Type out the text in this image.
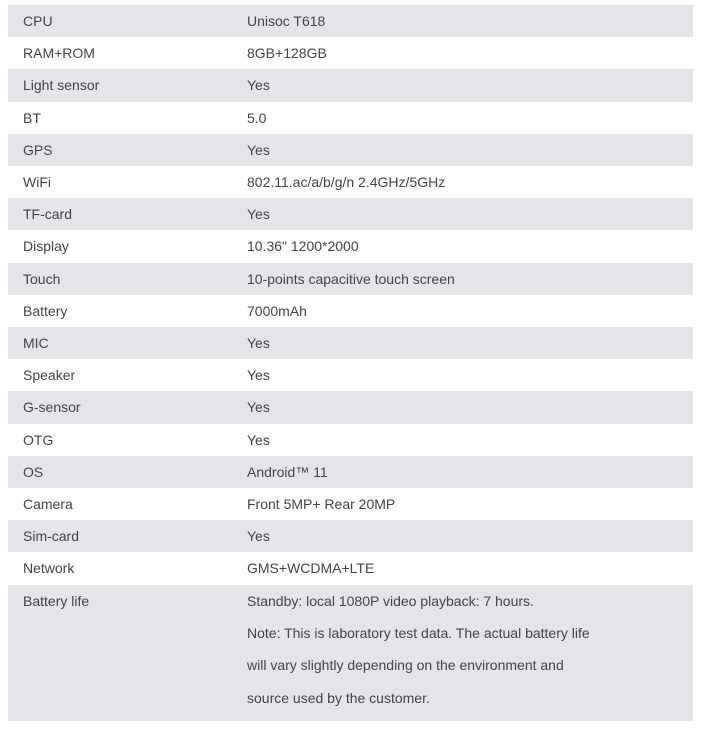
CPU	Unisoc T618
RAM+ROM	8GB+128GB
Light sensor	Yes
BT	5.0
GPS	Yes
WiFi	802.11.ac/a/b/g/n 2.4GHz/5GHz
TF-card	Yes
Display	10.36" 1200*2000
Touch	10-points capacitive touch screen
Battery	7000mAh
MIC	Yes
Speaker	Yes
G-sensor	Yes
OTG	Yes
OS	Android™ 11
Camera	Front 5MP+ Rear 20MP
Sim-card	Yes
Network	GMS+WCDMA+LTE

Battery life	Standby: local 1080P video playback: 7 hours.
Note: This is laboratory test data. The actual battery life
will vary slightly depending on the environment and
source used by the customer.
